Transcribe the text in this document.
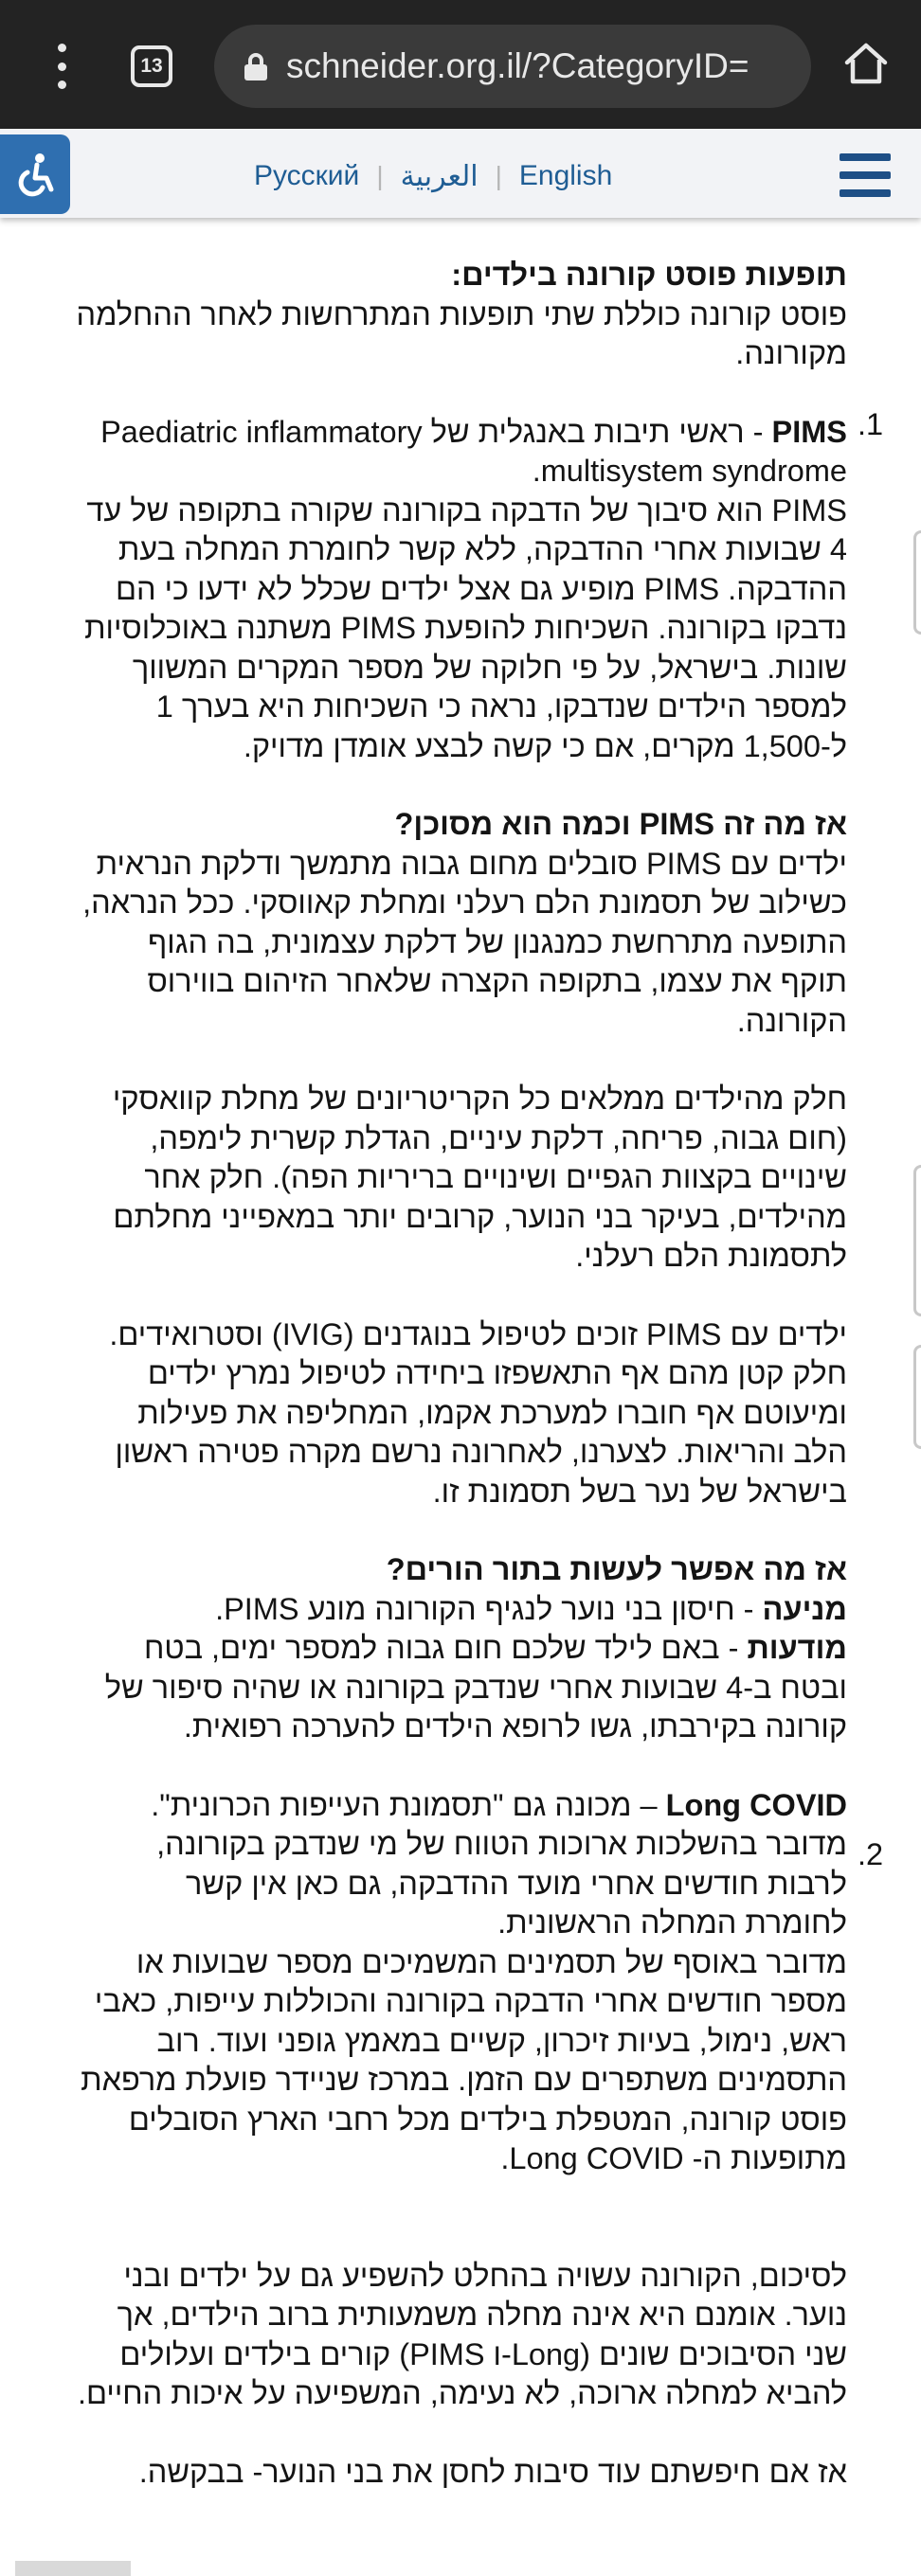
13	schneider.org.il/?CategoryID=
Русский | العربية | English
תופעות פוסט קורונה בילדים:

פוסט קורונה כוללת שתי תופעות המתרחשות לאחר ההחלמה מקורונה.

PIMS - ראשי תיבות באנגלית של Paediatric inflammatory multisystem syndrome.

PIMS הוא סיבוך של הדבקה בקורונה שקורה בתקופה של עד 4 שבועות אחרי ההדבקה, ללא קשר לחומרת המחלה בעת ההדבקה. PIMS מופיע גם אצל ילדים שכלל לא ידעו כי הם נדבקו בקורונה. השכיחות להופעת PIMS משתנה באוכלוסיות שונות. בישראל, על פי חלוקה של מספר המקרים המשווך למספר הילדים שנדבקו, נראה כי השכיחות היא בערך 1 ל-1,500 מקרים, אם כי קשה לבצע אומדן מדויק.

אז מה זה PIMS וכמה הוא מסוכן?

ילדים עם PIMS סובלים מחום גבוה מתמשך ודלקת הנראית כשילוב של תסמונת הלם רעלני ומחלת קאווסקי. ככל הנראה, התופעה מתרחשת כמנגנון של דלקת עצמונית, בה הגוף תוקף את עצמו, בתקופה הקצרה שלאחר הזיהום בווירוס הקורונה.

חלק מהילדים ממלאים כל הקריטריונים של מחלת קוואסקי (חום גבוה, פריחה, דלקת עיניים, הגדלת קשרית לימפה, שינויים בקצוות הגפיים ושינויים בריריות הפה). חלק אחר מהילדים, בעיקר בני הנוער, קרובים יותר במאפייני מחלתם לתסמונת הלם רעלני.

ילדים עם PIMS זוכים לטיפול בנוגדנים (IVIG) וסטרואידים. חלק קטן מהם אף התאשפזו ביחידה לטיפול נמרץ ילדים ומיעוטם אף חוברו למערכת אקמו, המחליפה את פעילות הלב והריאות. לצערנו, לאחרונה נרשם מקרה פטירה ראשון בישראל של נער בשל תסמונת זו.

אז מה אפשר לעשות בתור הורים?

מניעה - חיסון בני נוער לנגיף הקורונה מונע PIMS.

מודעות - באם לילד שלכם חום גבוה למספר ימים, בטח ובטח ב-4 שבועות אחרי שנדבק בקורונה או שהיה סיפור של קורונה בקירבתו, גשו לרופא הילדים להערכה רפואית.

Long COVID – מכונה גם "תסמונת העייפות הכרונית".

מדובר בהשלכות ארוכות הטווח של מי שנדבק בקורונה, לרבות חודשים אחרי מועד ההדבקה, גם כאן אין קשר לחומרת המחלה הראשונית.

מדובר באוסף של תסמינים המשמיכים מספר שבועות או מספר חודשים אחרי הדבקה בקורונה והכוללות עייפות, כאבי ראש, נימול, בעיות זיכרון, קשיים במאמץ גופני ועוד. רוב התסמינים משתפרים עם הזמן. במרכז שניידר פועלת מרפאת פוסט קורונה, המטפלת בילדים מכל רחבי הארץ הסובלים מתופעות ה- Long COVID.

לסיכום, הקורונה עשויה בהחלט להשפיע גם על ילדים ובני נוער. אומנם היא אינה מחלה משמעותית ברוב הילדים, אך שני הסיבוכים שונים (Long-ו PIMS) קורים בילדים ועלולים להביא למחלה ארוכה, לא נעימה, המשפיעה על איכות החיים.

אז אם חיפשתם עוד סיבות לחסן את בני הנוער- בבקשה.

.1
.2
